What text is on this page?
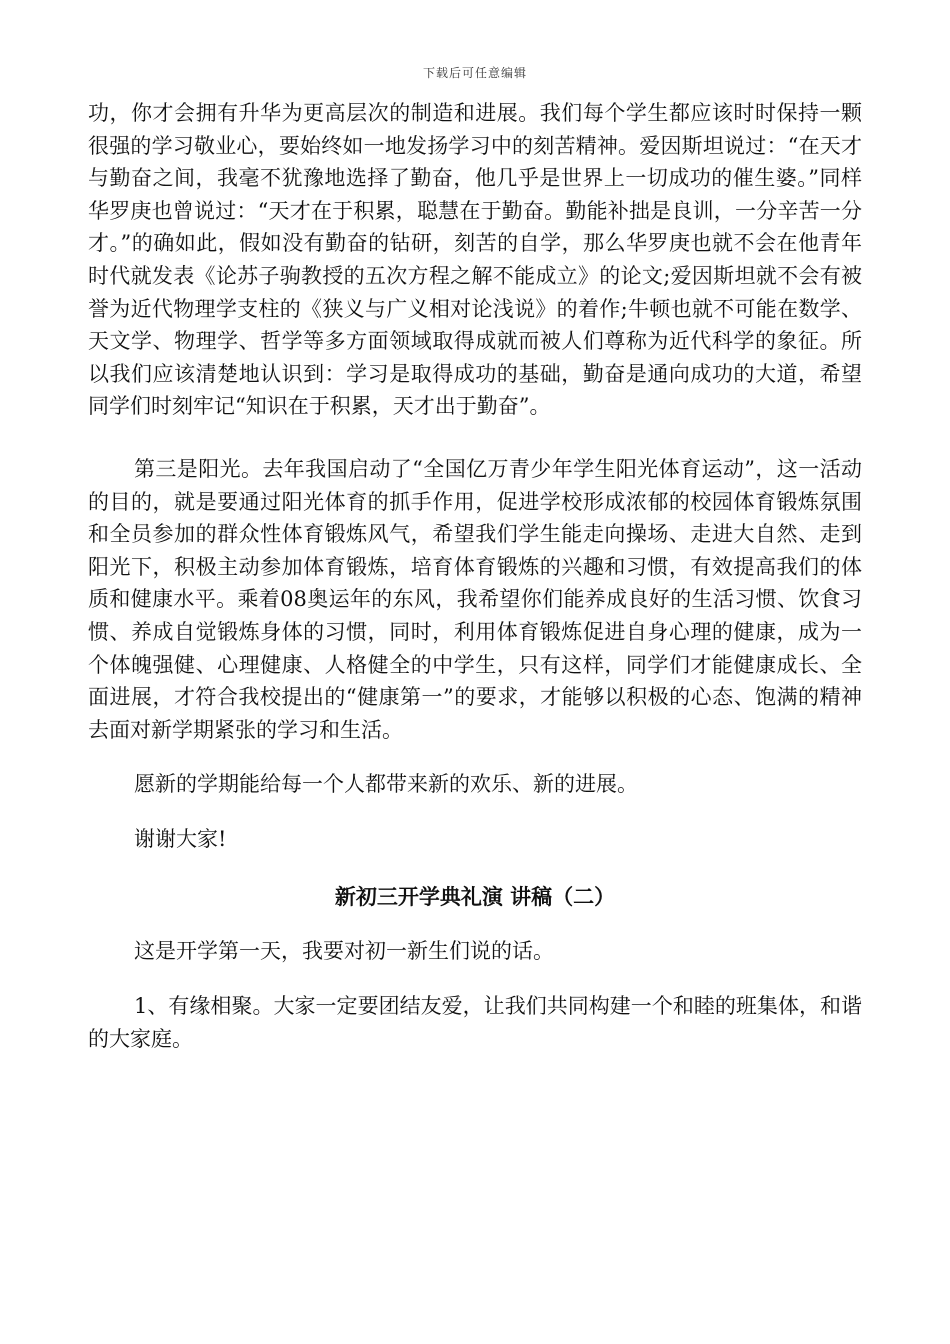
下载后可任意编辑

功，你才会拥有升华为更高层次的制造和进展。我们每个学生都应该时时保持一颗很强的学习敬业心，要始终如一地发扬学习中的刻苦精神。爱因斯坦说过：“在天才与勤奋之间，我毫不犹豫地选择了勤奋，他几乎是世界上一切成功的催生婆。”同样华罗庚也曾说过：“天才在于积累，聪慧在于勤奋。勤能补拙是良训，一分辛苦一分才。”的确如此，假如没有勤奋的钻研，刻苦的自学，那么华罗庚也就不会在他青年时代就发表《论苏子驹教授的五次方程之解不能成立》的论文;爱因斯坦就不会有被誉为近代物理学支柱的《狭义与广义相对论浅说》的着作;牛顿也就不可能在数学、天文学、物理学、哲学等多方面领域取得成就而被人们尊称为近代科学的象征。所以我们应该清楚地认识到：学习是取得成功的基础，勤奋是通向成功的大道，希望同学们时刻牢记“知识在于积累，天才出于勤奋”。

第三是阳光。去年我国启动了“全国亿万青少年学生阳光体育运动”，这一活动的目的，就是要通过阳光体育的抓手作用，促进学校形成浓郁的校园体育锻炼氛围和全员参加的群众性体育锻炼风气，希望我们学生能走向操场、走进大自然、走到阳光下，积极主动参加体育锻炼，培育体育锻炼的兴趣和习惯，有效提高我们的体质和健康水平。乘着08奥运年的东风，我希望你们能养成良好的生活习惯、饮食习惯、养成自觉锻炼身体的习惯，同时，利用体育锻炼促进自身心理的健康，成为一个体魄强健、心理健康、人格健全的中学生，只有这样，同学们才能健康成长、全面进展，才符合我校提出的“健康第一”的要求，才能够以积极的心态、饱满的精神去面对新学期紧张的学习和生活。

愿新的学期能给每一个人都带来新的欢乐、新的进展。

谢谢大家!

新初三开学典礼演 讲稿（二）

这是开学第一天，我要对初一新生们说的话。

1、有缘相聚。大家一定要团结友爱，让我们共同构建一个和睦的班集体，和谐的大家庭。
